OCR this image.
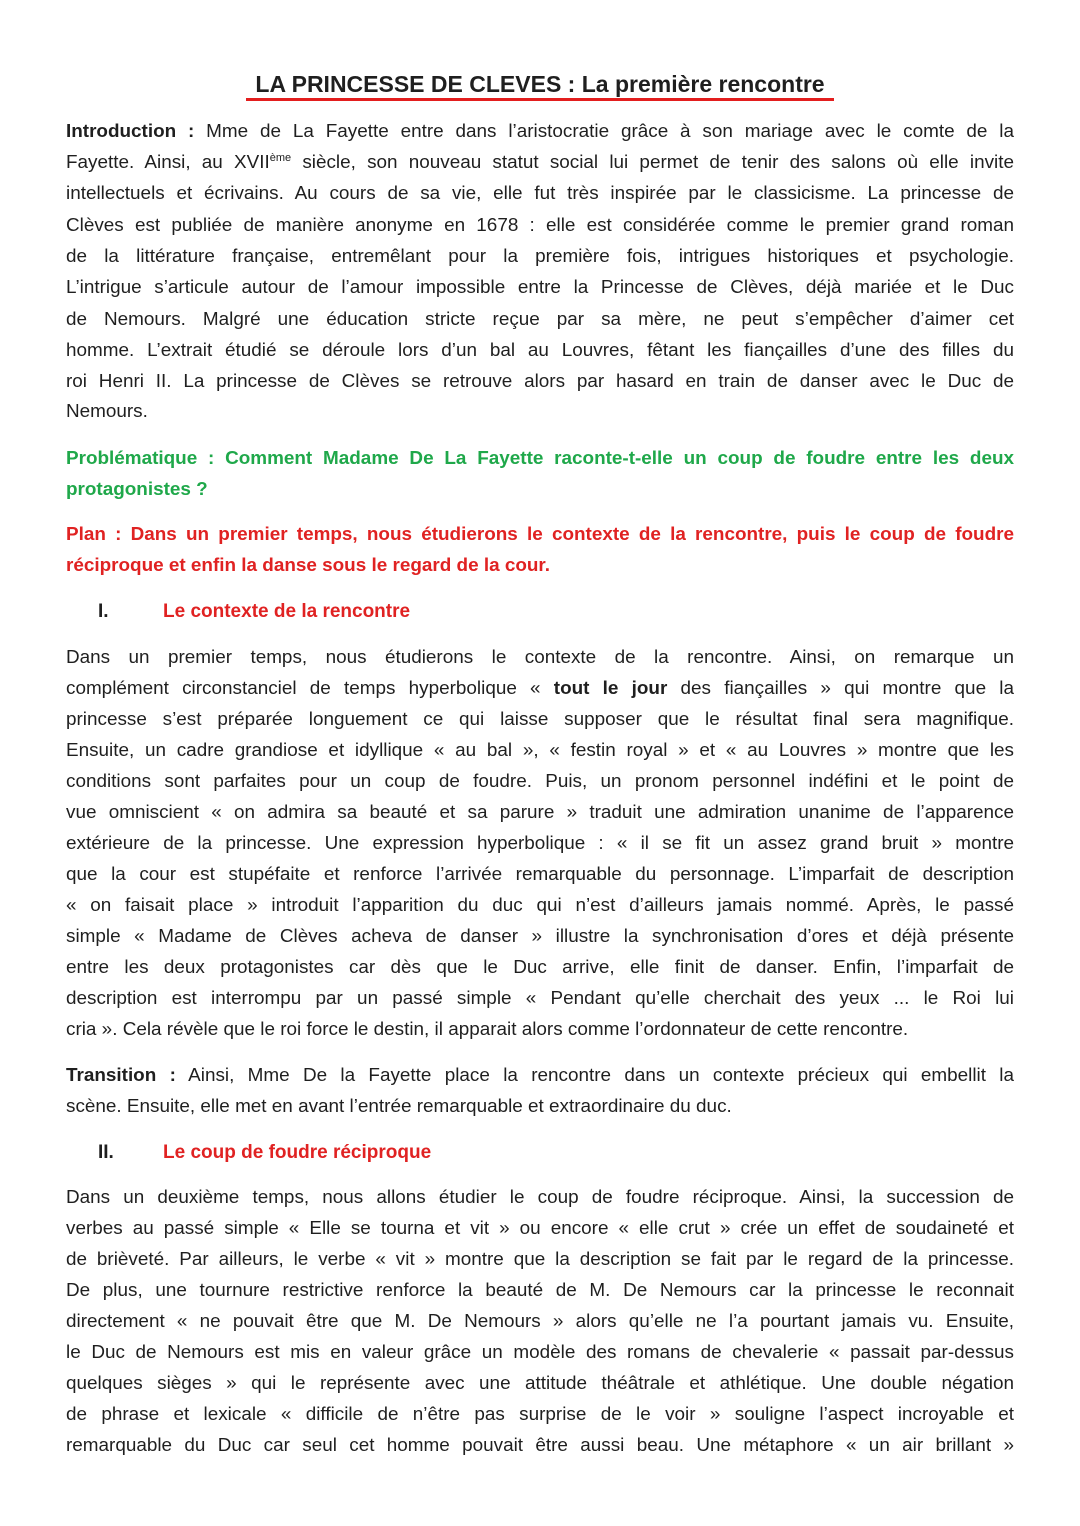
LA PRINCESSE DE CLEVES : La première rencontre
Introduction : Mme de La Fayette entre dans l’aristocratie grâce à son mariage avec le comte de la
Fayette. Ainsi, au XVIIème siècle, son nouveau statut social lui permet de tenir des salons où elle invite
intellectuels et écrivains. Au cours de sa vie, elle fut très inspirée par le classicisme. La princesse de
Clèves est publiée de manière anonyme en 1678 : elle est considérée comme le premier grand roman
de la littérature française, entremêlant pour la première fois, intrigues historiques et psychologie.
L’intrigue s’articule autour de l’amour impossible entre la Princesse de Clèves, déjà mariée et le Duc
de Nemours. Malgré une éducation stricte reçue par sa mère, ne peut s’empêcher d’aimer cet
homme. L’extrait étudié se déroule lors d’un bal au Louvres, fêtant les fiançailles d’une des filles du
roi Henri II. La princesse de Clèves se retrouve alors par hasard en train de danser avec le Duc de
Nemours.
Problématique : Comment Madame De La Fayette raconte-t-elle un coup de foudre entre les deux
protagonistes ?
Plan : Dans un premier temps, nous étudierons le contexte de la rencontre, puis le coup de foudre
réciproque et enfin la danse sous le regard de la cour.
I.	Le contexte de la rencontre
Dans un premier temps, nous étudierons le contexte de la rencontre. Ainsi, on remarque un
complément circonstanciel de temps hyperbolique « tout le jour des fiançailles » qui montre que la
princesse s’est préparée longuement ce qui laisse supposer que le résultat final sera magnifique.
Ensuite, un cadre grandiose et idyllique « au bal », « festin royal » et « au Louvres » montre que les
conditions sont parfaites pour un coup de foudre. Puis, un pronom personnel indéfini et le point de
vue omniscient « on admira sa beauté et sa parure » traduit une admiration unanime de l’apparence
extérieure de la princesse. Une expression hyperbolique : « il se fit un assez grand bruit » montre
que la cour est stupéfaite et renforce l’arrivée remarquable du personnage. L’imparfait de description
« on faisait place » introduit l’apparition du duc qui n’est d’ailleurs jamais nommé. Après, le passé
simple « Madame de Clèves acheva de danser » illustre la synchronisation d’ores et déjà présente
entre les deux protagonistes car dès que le Duc arrive, elle finit de danser. Enfin, l’imparfait de
description est interrompu par un passé simple « Pendant qu’elle cherchait des yeux ... le Roi lui
cria ». Cela révèle que le roi force le destin, il apparait alors comme l’ordonnateur de cette rencontre.
Transition : Ainsi, Mme De la Fayette place la rencontre dans un contexte précieux qui embellit la
scène. Ensuite, elle met en avant l’entrée remarquable et extraordinaire du duc.
II.	Le coup de foudre réciproque
Dans un deuxième temps, nous allons étudier le coup de foudre réciproque. Ainsi, la succession de
verbes au passé simple « Elle se tourna et vit » ou encore « elle crut » crée un effet de soudaineté et
de brièveté. Par ailleurs, le verbe « vit » montre que la description se fait par le regard de la princesse.
De plus, une tournure restrictive renforce la beauté de M. De Nemours car la princesse le reconnait
directement « ne pouvait être que M. De Nemours » alors qu’elle ne l’a pourtant jamais vu. Ensuite,
le Duc de Nemours est mis en valeur grâce un modèle des romans de chevalerie « passait par-dessus
quelques sièges » qui le représente avec une attitude théâtrale et athlétique. Une double négation
de phrase et lexicale « difficile de n’être pas surprise de le voir » souligne l’aspect incroyable et
remarquable du Duc car seul cet homme pouvait être aussi beau. Une métaphore « un air brillant »
